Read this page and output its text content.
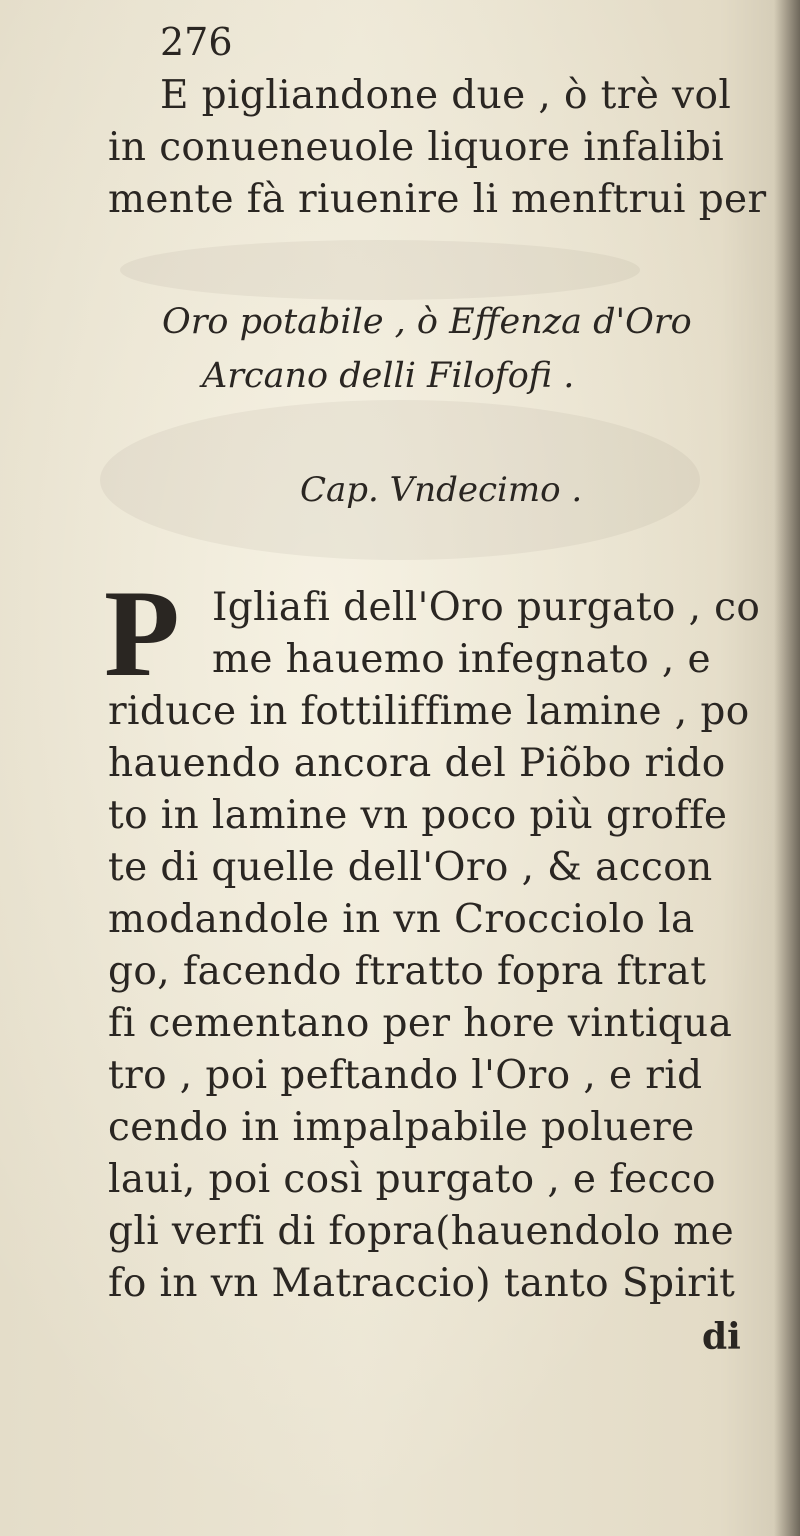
276
E pigliandone due , ò trè vol
in conueneuole liquore infalibi
mente fà riuenire li menftrui per
Oro potabile , ò Effenza d'Oro
Arcano delli Filofofi .
Cap. Vndecimo .
P Igliafi dell'Oro purgato , co
me hauemo infegnato , e
riduce in fottiliffime lamine , po
hauendo ancora del Piõbo rido
to in lamine vn poco più groffe
te di quelle dell'Oro , & accon
modandole in vn Crocciolo la
go, facendo ftratto fopra ftrat
fi cementano per hore vintiqua
tro , poi peftando l'Oro , e rid
cendo in impalpabile poluere
laui, poi così purgato , e fecco
gli verfi di fopra(hauendolo me
fo in vn Matraccio) tanto Spirit
di
